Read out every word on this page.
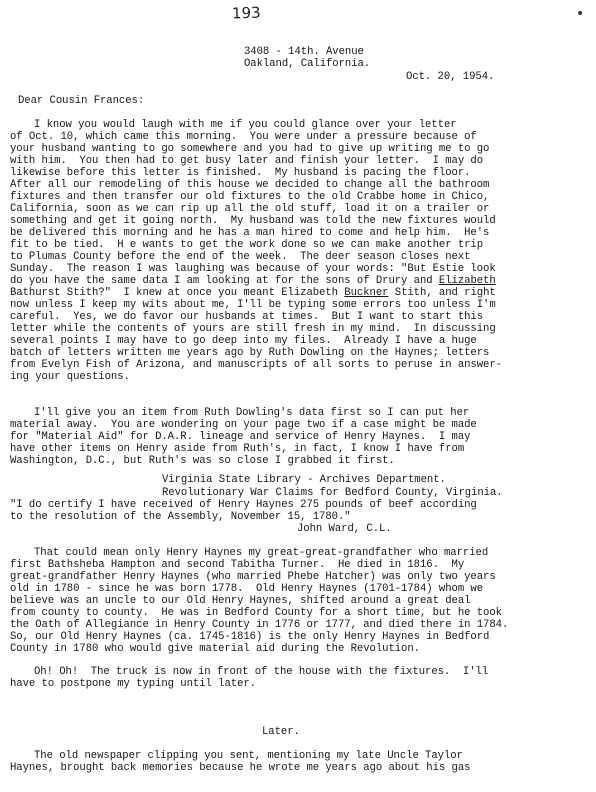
193	•
3408 - 14th. Avenue
Oakland, California.
Oct. 20, 1954.
Dear Cousin Frances:
I know you would laugh with me if you could glance over your letter
of Oct. 10, which came this morning.  You were under a pressure because of
your husband wanting to go somewhere and you had to give up writing me to go
with him.  You then had to get busy later and finish your letter.  I may do
likewise before this letter is finished.  My husband is pacing the floor.
After all our remodeling of this house we decided to change all the bathroom
fixtures and then transfer our old fixtures to the old Crabbe home in Chico,
California, soon as we can rip up all the old stuff, load it on a trailer or
something and get it going north.  My husband was told the new fixtures would
be delivered this morning and he has a man hired to come and help him.  He's
fit to be tied.  H e wants to get the work done so we can make another trip
to Plumas County before the end of the week.  The deer season closes next
Sunday.  The reason I was laughing was because of your words: "But Estie look
do you have the same data I am looking at for the sons of Drury and Elizabeth
Bathurst Stith?"  I knew at once you meant Elizabeth Buckner Stith, and right
now unless I keep my wits about me, I'll be typing some errors too unless I'm
careful.  Yes, we do favor our husbands at times.  But I want to start this
letter while the contents of yours are still fresh in my mind.  In discussing
several points I may have to go deep into my files.  Already I have a huge
batch of letters written me years ago by Ruth Dowling on the Haynes; letters
from Evelyn Fish of Arizona, and manuscripts of all sorts to peruse in answer-
ing your questions.
I'll give you an item from Ruth Dowling's data first so I can put her
material away.  You are wondering on your page two if a case might be made
for "Material Aid" for D.A.R. lineage and service of Henry Haynes.  I may
have other items on Henry aside from Ruth's, in fact, I know I have from
Washington, D.C., but Ruth's was so close I grabbed it first.
Virginia State Library - Archives Department.
Revolutionary War Claims for Bedford County, Virginia.
"I do certify I have received of Henry Haynes 275 pounds of beef according
to the resolution of the Assembly, November 15, 1780."
John Ward, C.L.
That could mean only Henry Haynes my great-great-grandfather who married
first Bathsheba Hampton and second Tabitha Turner.  He died in 1816.  My
great-grandfather Henry Haynes (who married Phebe Hatcher) was only two years
old in 1780 - since he was born 1778.  Old Henry Haynes (1701-1784) whom we
believe was an uncle to our Old Henry Haynes, shifted around a great deal
from county to county.  He was in Bedford County for a short time, but he took
the Oath of Allegiance in Henry County in 1776 or 1777, and died there in 1784.
So, our Old Henry Haynes (ca. 1745-1816) is the only Henry Haynes in Bedford
County in 1780 who would give material aid during the Revolution.
Oh! Oh!  The truck is now in front of the house with the fixtures.  I'll
have to postpone my typing until later.
Later.
The old newspaper clipping you sent, mentioning my late Uncle Taylor
Haynes, brought back memories because he wrote me years ago about his gas
